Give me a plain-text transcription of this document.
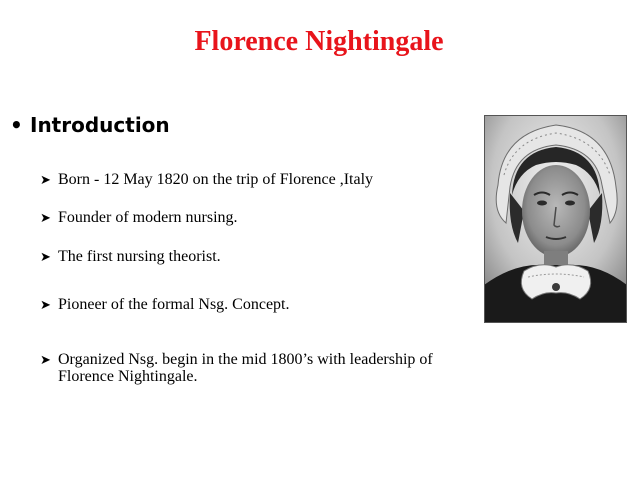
Florence Nightingale
• Introduction
➤ Born - 12 May 1820 on the trip of Florence ,Italy
➤ Founder of modern nursing.
➤ The first nursing theorist.
➤ Pioneer of the formal Nsg. Concept.
➤ Organized Nsg. begin in the mid 1800’s with leadership of
Florence Nightingale.
